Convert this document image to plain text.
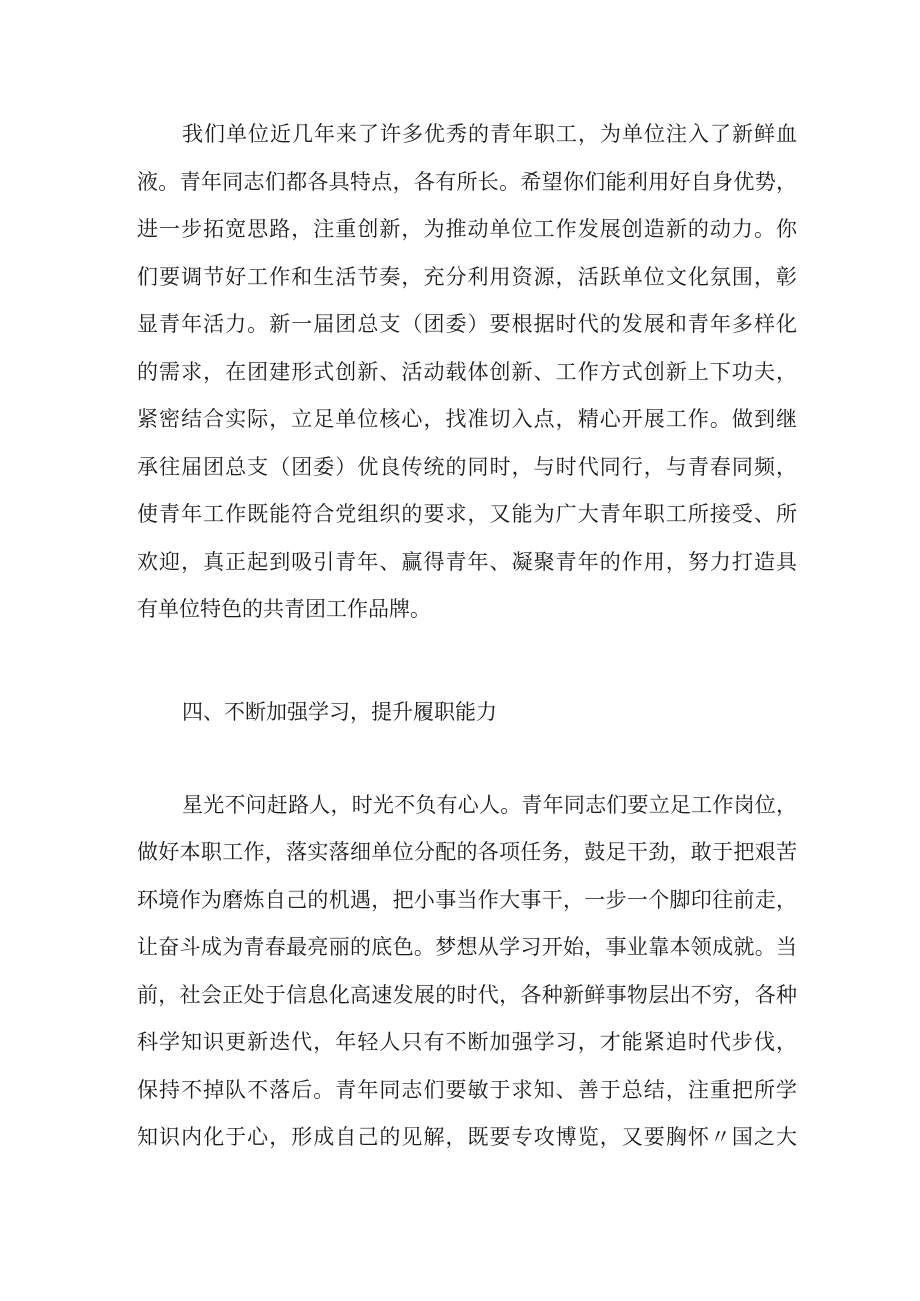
我们单位近几年来了许多优秀的青年职工，为单位注入了新鲜血
液。青年同志们都各具特点，各有所长。希望你们能利用好自身优势，
进一步拓宽思路，注重创新，为推动单位工作发展创造新的动力。你
们要调节好工作和生活节奏，充分利用资源，活跃单位文化氛围，彰
显青年活力。新一届团总支（团委）要根据时代的发展和青年多样化
的需求，在团建形式创新、活动载体创新、工作方式创新上下功夫，
紧密结合实际，立足单位核心，找准切入点，精心开展工作。做到继
承往届团总支（团委）优良传统的同时，与时代同行，与青春同频，
使青年工作既能符合党组织的要求，又能为广大青年职工所接受、所
欢迎，真正起到吸引青年、赢得青年、凝聚青年的作用，努力打造具
有单位特色的共青团工作品牌。
四、不断加强学习，提升履职能力
星光不问赶路人，时光不负有心人。青年同志们要立足工作岗位，
做好本职工作，落实落细单位分配的各项任务，鼓足干劲，敢于把艰苦
环境作为磨炼自己的机遇，把小事当作大事干，一步一个脚印往前走，
让奋斗成为青春最亮丽的底色。梦想从学习开始，事业靠本领成就。当
前，社会正处于信息化高速发展的时代，各种新鲜事物层出不穷，各种
科学知识更新迭代，年轻人只有不断加强学习，才能紧追时代步伐，
保持不掉队不落后。青年同志们要敏于求知、善于总结，注重把所学
知识内化于心，形成自己的见解，既要专攻博览，又要胸怀〃国之大
